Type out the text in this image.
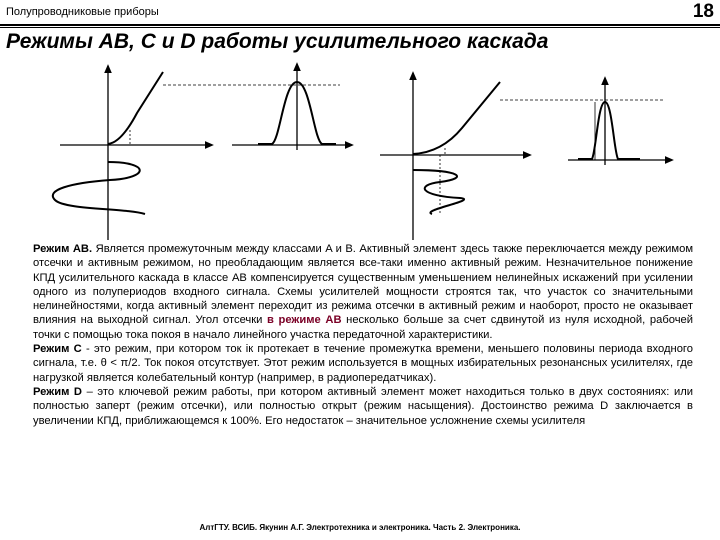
Полупроводниковые приборы	18
Режимы АВ, С и D работы усилительного каскада

Режим АВ. Является промежуточным между классами A и B. Активный элемент здесь также переключается между режимом отсечки и активным режимом, но преобладающим является все-таки именно активный режим. Незначительное понижение КПД усилительного каскада в классе АВ компенсируется существенным уменьшением нелинейных искажений при усилении одного из полупериодов входного сигнала. Схемы усилителей мощности строятся так, что участок со значительными нелинейностями, когда активный элемент переходит из режима отсечки в активный режим и наоборот, просто не оказывает влияния на выходной сигнал. Угол отсечки в режиме АВ несколько больше за счет сдвинутой из нуля исходной, рабочей точки с помощью тока покоя в начало линейного участка передаточной характеристики.

Режим С - это режим, при котором ток iк протекает в течение промежутка времени, меньшего половины периода входного сигнала, т.е. θ < π/2. Ток покоя отсутствует. Этот режим используется в мощных избирательных резонансных усилителях, где нагрузкой является колебательный контур (например, в радиопередатчиках).

Режим D – это ключевой режим работы, при котором активный элемент может находиться только в двух состояниях: или полностью заперт (режим отсечки), или полностью открыт (режим насыщения). Достоинство режима D заключается в увеличении КПД, приближающемся к 100%. Его недостаток – значительное усложнение схемы усилителя

АлтГТУ. ВСИБ. Якунин А.Г. Электротехника и электроника. Часть 2. Электроника.
